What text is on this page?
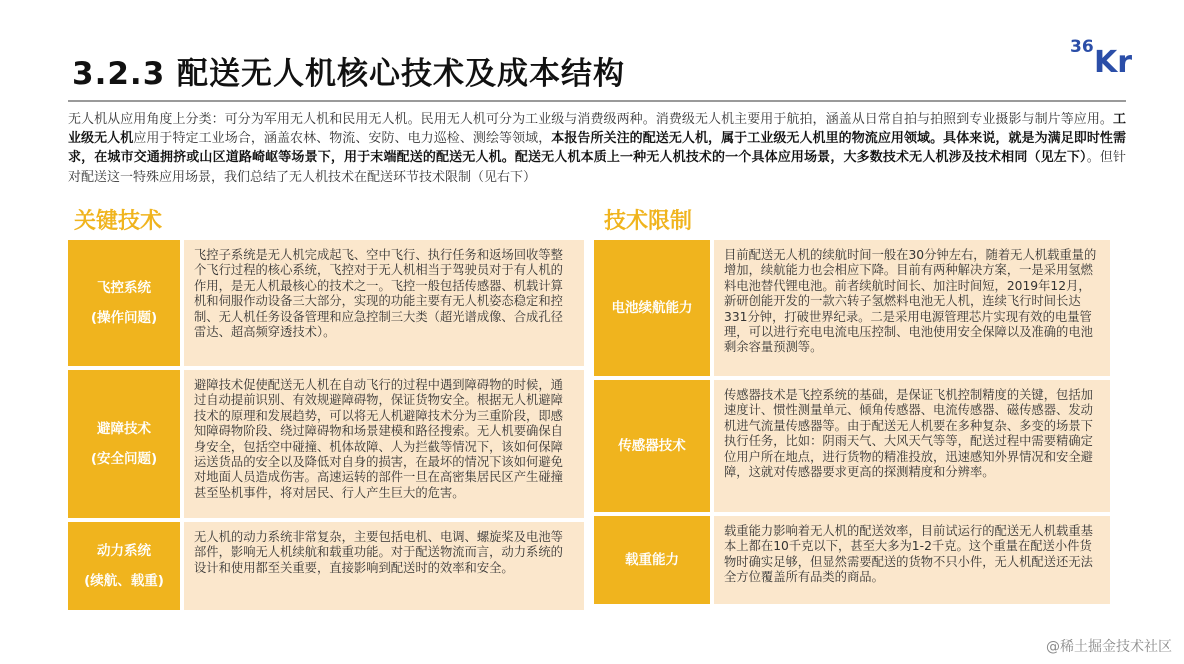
3.2.3 配送无人机核心技术及成本结构
36 Kr
无人机从应用角度上分类：可分为军用无人机和民用无人机。民用无人机可分为工业级与消费级两种。消费级无人机主要用于航拍，涵盖从日常自拍与拍照到专业摄影与制片等应用。工业级无人机应用于特定工业场合，涵盖农林、物流、安防、电力巡检、测绘等领域，本报告所关注的配送无人机，属于工业级无人机里的物流应用领域。具体来说，就是为满足即时性需求，在城市交通拥挤或山区道路崎岖等场景下，用于末端配送的配送无人机。配送无人机本质上一种无人机技术的一个具体应用场景，大多数技术无人机涉及技术相同（见左下）。但针对配送这一特殊应用场景，我们总结了无人机技术在配送环节技术限制（见右下）
关键技术	技术限制
飞控系统
(操作问题)
飞控子系统是无人机完成起飞、空中飞行、执行任务和返场回收等整个飞行过程的核心系统，飞控对于无人机相当于驾驶员对于有人机的作用，是无人机最核心的技术之一。飞控一般包括传感器、机载计算机和伺服作动设备三大部分，实现的功能主要有无人机姿态稳定和控制、无人机任务设备管理和应急控制三大类（超光谱成像、合成孔径雷达、超高频穿透技术）。
避障技术
(安全问题)
避障技术促使配送无人机在自动飞行的过程中遇到障碍物的时候，通过自动提前识别、有效规避障碍物，保证货物安全。根据无人机避障技术的原理和发展趋势，可以将无人机避障技术分为三重阶段，即感知障碍物阶段、绕过障碍物和场景建模和路径搜索。无人机要确保自身安全，包括空中碰撞、机体故障、人为拦截等情况下，该如何保障运送货品的安全以及降低对自身的损害，在最坏的情况下该如何避免对地面人员造成伤害。高速运转的部件一旦在高密集居民区产生碰撞甚至坠机事件，将对居民、行人产生巨大的危害。
动力系统
(续航、载重)
无人机的动力系统非常复杂，主要包括电机、电调、螺旋桨及电池等部件，影响无人机续航和载重功能。对于配送物流而言，动力系统的设计和使用都至关重要，直接影响到配送时的效率和安全。
电池续航能力
目前配送无人机的续航时间一般在30分钟左右，随着无人机载重量的增加，续航能力也会相应下降。目前有两种解决方案，一是采用氢燃料电池替代锂电池。前者续航时间长、加注时间短，2019年12月，新研创能开发的一款六转子氢燃料电池无人机，连续飞行时间长达331分钟，打破世界纪录。二是采用电源管理芯片实现有效的电量管理，可以进行充电电流电压控制、电池使用安全保障以及准确的电池剩余容量预测等。
传感器技术
传感器技术是飞控系统的基础，是保证飞机控制精度的关键，包括加速度计、惯性测量单元、倾角传感器、电流传感器、磁传感器、发动机进气流量传感器等。由于配送无人机要在多种复杂、多变的场景下执行任务，比如：阴雨天气、大风天气等等，配送过程中需要精确定位用户所在地点，进行货物的精准投放，迅速感知外界情况和安全避障，这就对传感器要求更高的探测精度和分辨率。
载重能力
载重能力影响着无人机的配送效率，目前试运行的配送无人机载重基本上都在10千克以下，甚至大多为1-2千克。这个重量在配送小件货物时确实足够，但显然需要配送的货物不只小件，无人机配送还无法全方位覆盖所有品类的商品。
@稀土掘金技术社区
